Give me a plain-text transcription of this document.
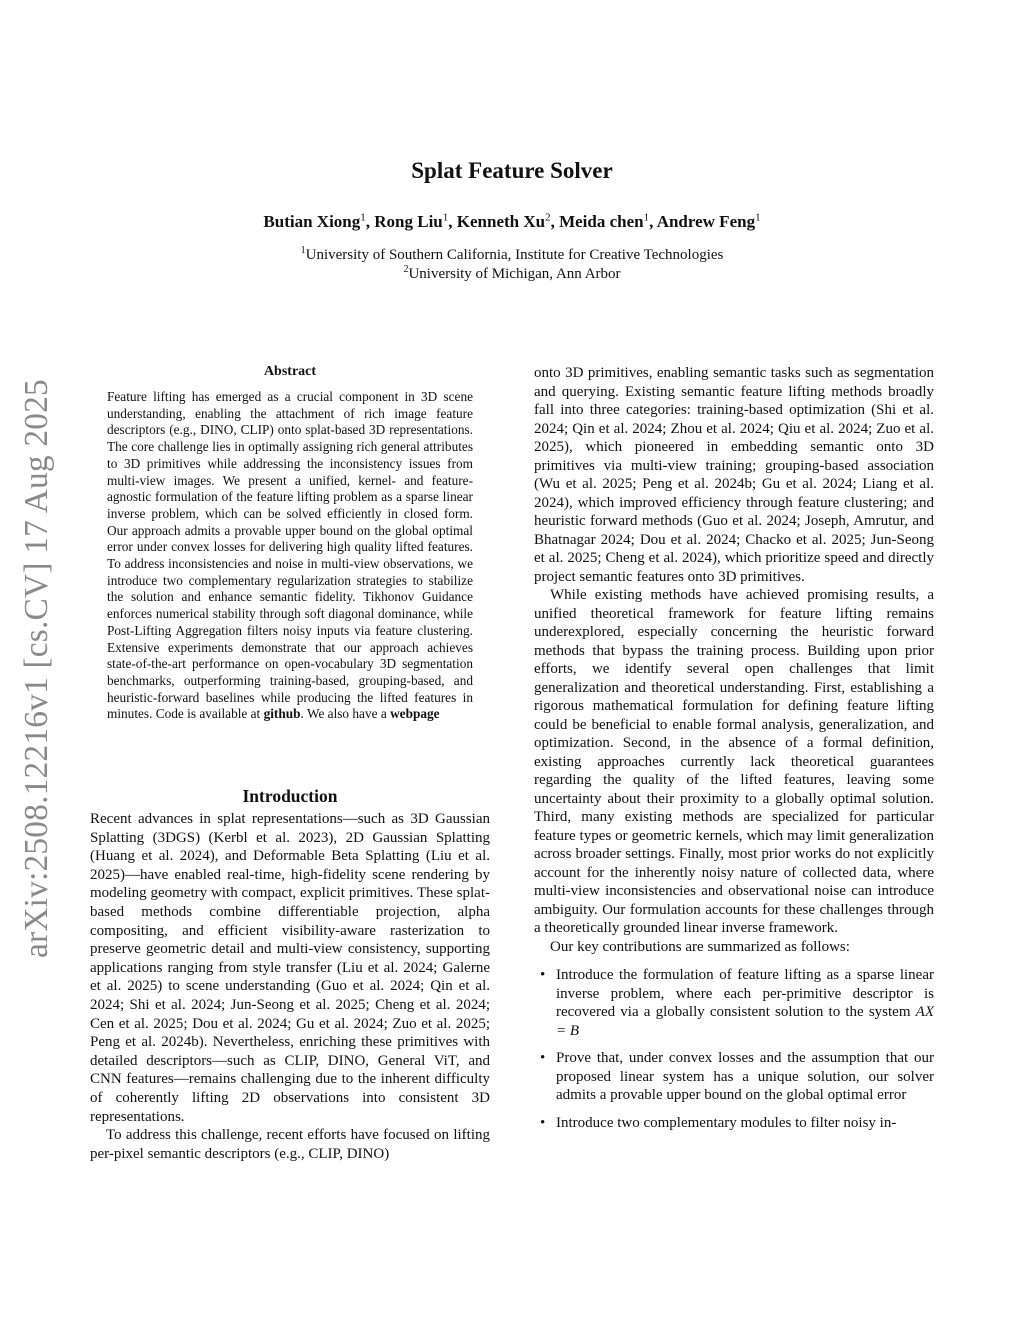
arXiv:2508.12216v1 [cs.CV] 17 Aug 2025
Splat Feature Solver
Butian Xiong$^1$, Rong Liu$^1$, Kenneth Xu$^2$, Meida chen$^1$, Andrew Feng$^1$
$^1$University of Southern California, Institute for Creative Technologies
$^2$University of Michigan, Ann Arbor
Abstract
Feature lifting has emerged as a crucial component in 3D scene understanding, enabling the attachment of rich image feature descriptors (e.g., DINO, CLIP) onto splat-based 3D representations. The core challenge lies in optimally assigning rich general attributes to 3D primitives while addressing the inconsistency issues from multi-view images. We present a unified, kernel- and feature-agnostic formulation of the feature lifting problem as a sparse linear inverse problem, which can be solved efficiently in closed form. Our approach admits a provable upper bound on the global optimal error under convex losses for delivering high quality lifted features. To address inconsistencies and noise in multi-view observations, we introduce two complementary regularization strategies to stabilize the solution and enhance semantic fidelity. Tikhonov Guidance enforces numerical stability through soft diagonal dominance, while Post-Lifting Aggregation filters noisy inputs via feature clustering. Extensive experiments demonstrate that our approach achieves state-of-the-art performance on open-vocabulary 3D segmentation benchmarks, outperforming training-based, grouping-based, and heuristic-forward baselines while producing the lifted features in minutes. Code is available at github. We also have a webpage
Introduction

Recent advances in splat representations—such as 3D Gaussian Splatting (3DGS) (Kerbl et al. 2023), 2D Gaussian Splatting (Huang et al. 2024), and Deformable Beta Splatting (Liu et al. 2025)—have enabled real-time, high-fidelity scene rendering by modeling geometry with compact, explicit primitives. These splat-based methods combine differentiable projection, alpha compositing, and efficient visibility-aware rasterization to preserve geometric detail and multi-view consistency, supporting applications ranging from style transfer (Liu et al. 2024; Galerne et al. 2025) to scene understanding (Guo et al. 2024; Qin et al. 2024; Shi et al. 2024; Jun-Seong et al. 2025; Cheng et al. 2024; Cen et al. 2025; Dou et al. 2024; Gu et al. 2024; Zuo et al. 2025; Peng et al. 2024b). Nevertheless, enriching these primitives with detailed descriptors—such as CLIP, DINO, General ViT, and CNN features—remains challenging due to the inherent difficulty of coherently lifting 2D observations into consistent 3D representations.

To address this challenge, recent efforts have focused on lifting per-pixel semantic descriptors (e.g., CLIP, DINO)

onto 3D primitives, enabling semantic tasks such as segmentation and querying. Existing semantic feature lifting methods broadly fall into three categories: training-based optimization (Shi et al. 2024; Qin et al. 2024; Zhou et al. 2024; Qiu et al. 2024; Zuo et al. 2025), which pioneered in embedding semantic onto 3D primitives via multi-view training; grouping-based association (Wu et al. 2025; Peng et al. 2024b; Gu et al. 2024; Liang et al. 2024), which improved efficiency through feature clustering; and heuristic forward methods (Guo et al. 2024; Joseph, Amrutur, and Bhatnagar 2024; Dou et al. 2024; Chacko et al. 2025; Jun-Seong et al. 2025; Cheng et al. 2024), which prioritize speed and directly project semantic features onto 3D primitives.

While existing methods have achieved promising results, a unified theoretical framework for feature lifting remains underexplored, especially concerning the heuristic forward methods that bypass the training process. Building upon prior efforts, we identify several open challenges that limit generalization and theoretical understanding. First, establishing a rigorous mathematical formulation for defining feature lifting could be beneficial to enable formal analysis, generalization, and optimization. Second, in the absence of a formal definition, existing approaches currently lack theoretical guarantees regarding the quality of the lifted features, leaving some uncertainty about their proximity to a globally optimal solution. Third, many existing methods are specialized for particular feature types or geometric kernels, which may limit generalization across broader settings. Finally, most prior works do not explicitly account for the inherently noisy nature of collected data, where multi-view inconsistencies and observational noise can introduce ambiguity. Our formulation accounts for these challenges through a theoretically grounded linear inverse framework.

Our key contributions are summarized as follows:

• Introduce the formulation of feature lifting as a sparse linear inverse problem, where each per-primitive descriptor is recovered via a globally consistent solution to the system AX = B
• Prove that, under convex losses and the assumption that our proposed linear system has a unique solution, our solver admits a provable upper bound on the global optimal error
• Introduce two complementary modules to filter noisy in-
